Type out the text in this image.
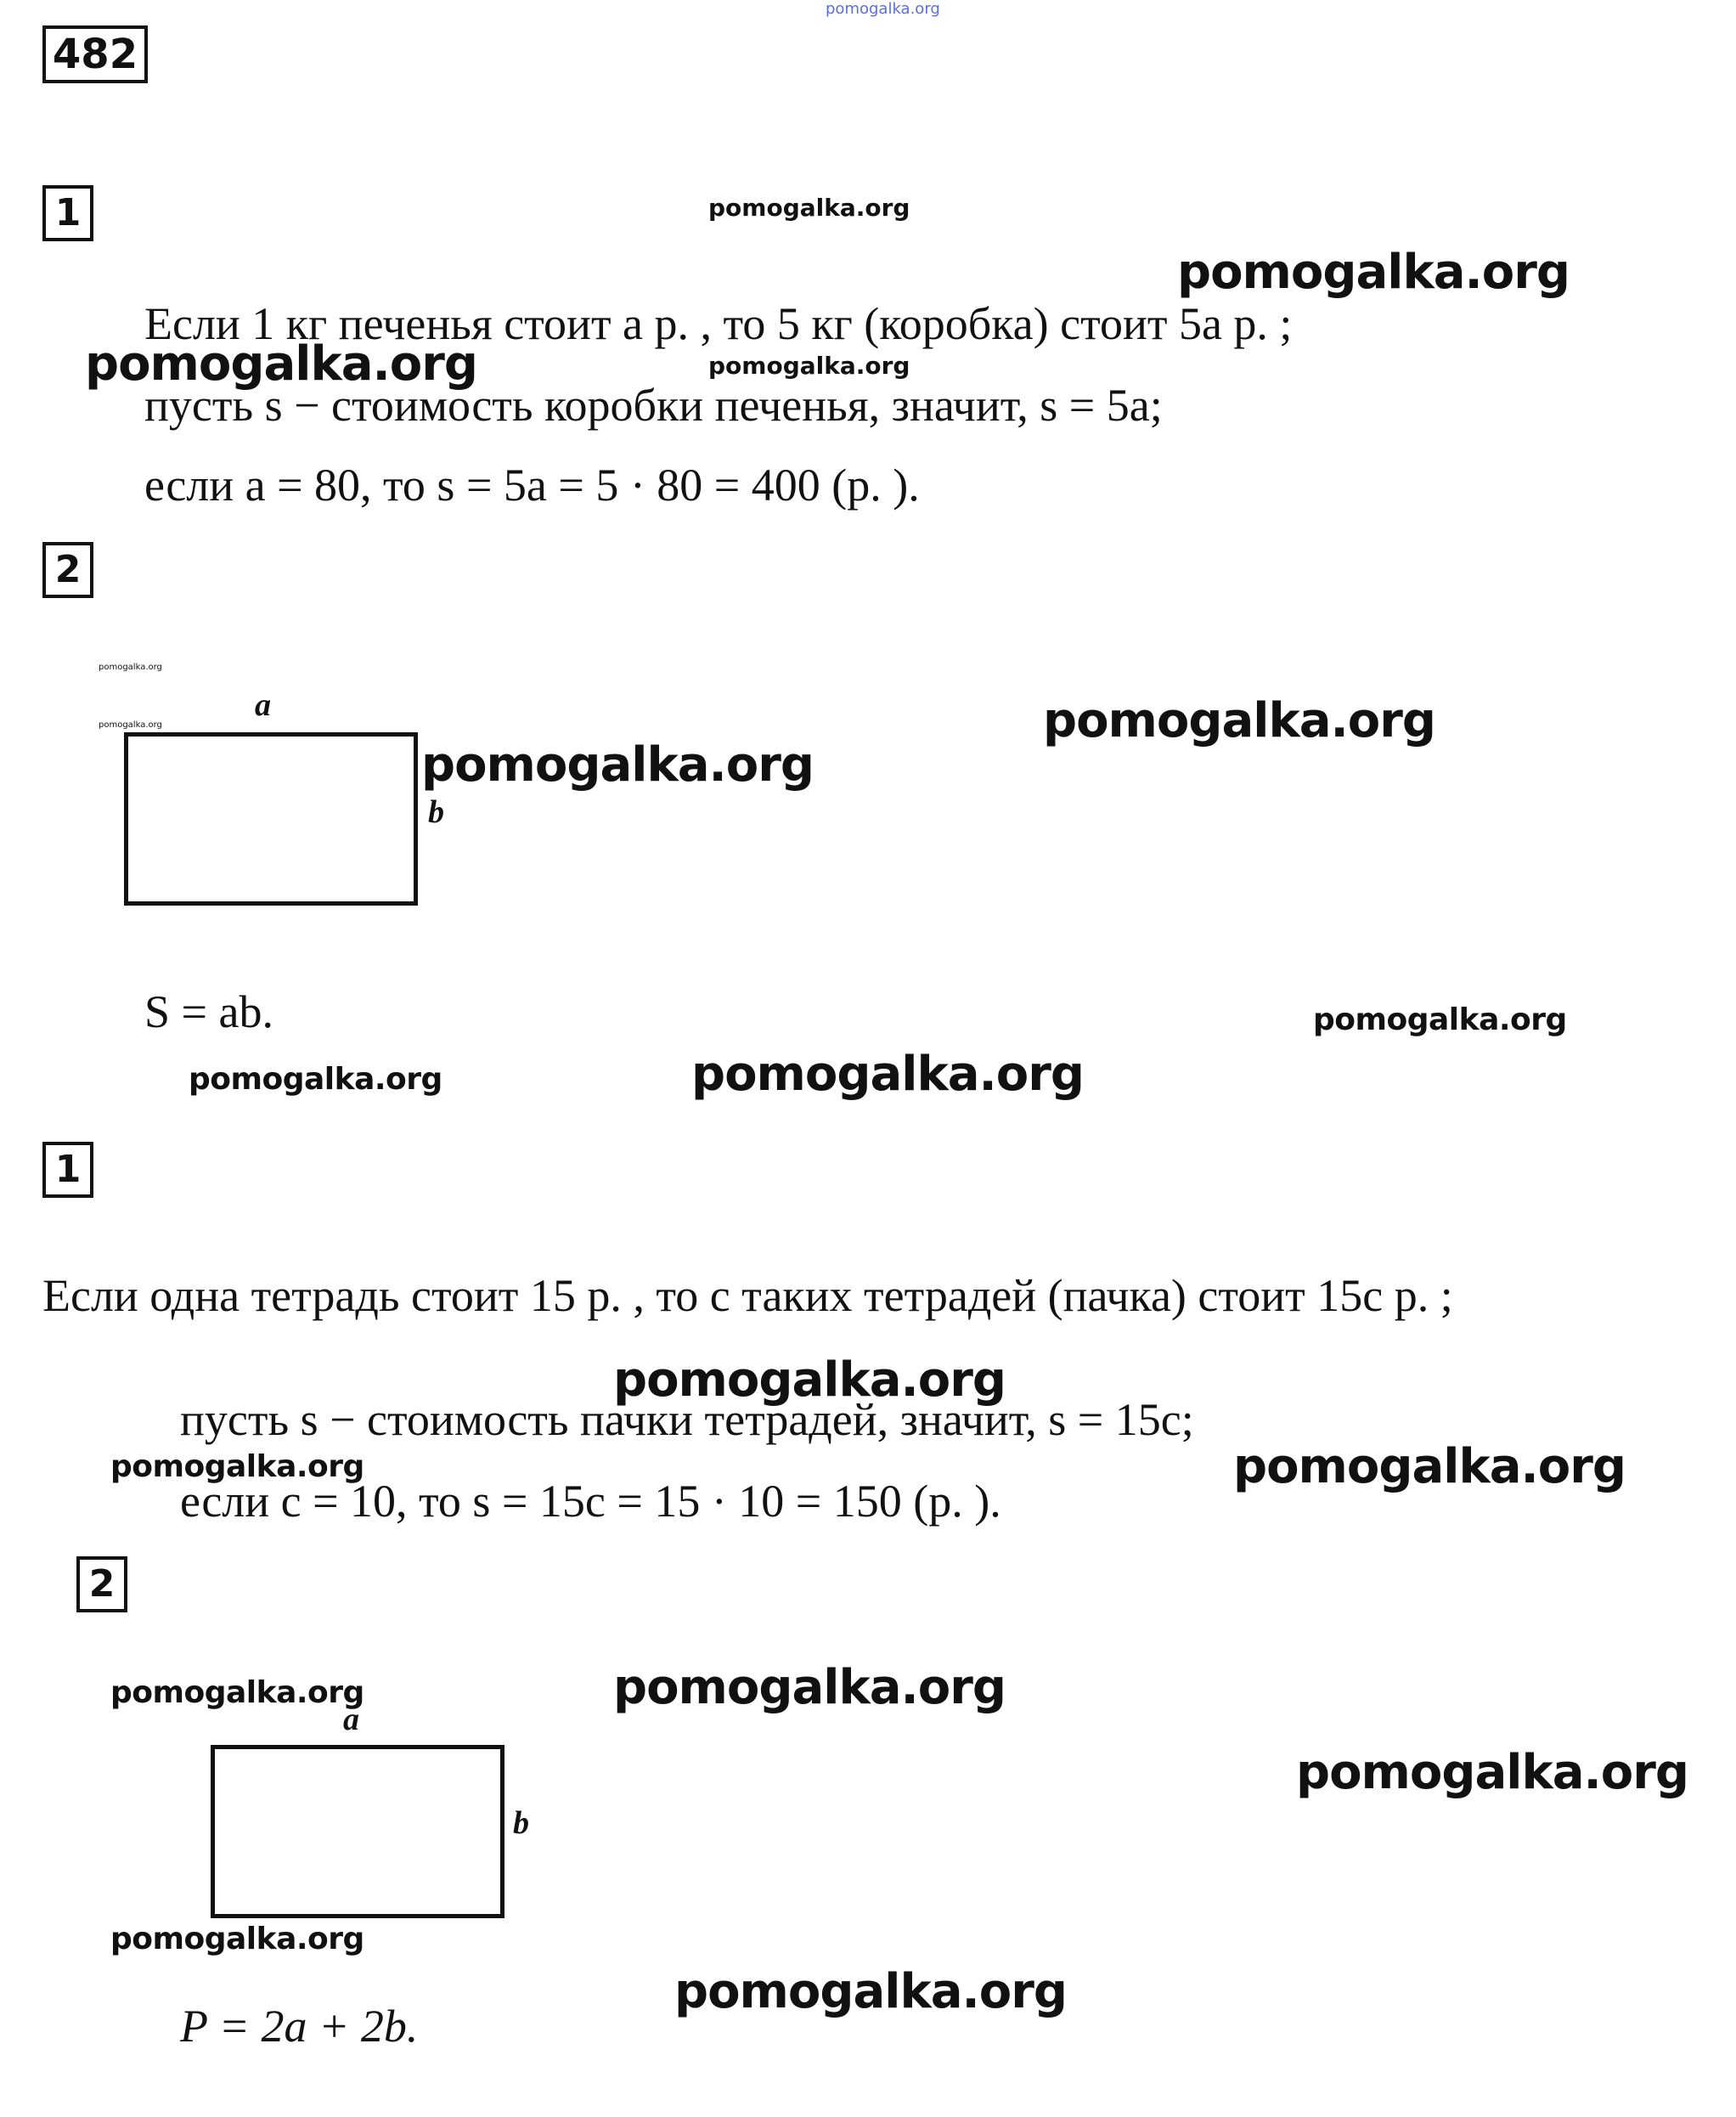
482
pomogalka.org
pomogalka.org
pomogalka.org
pomogalka.org	pomogalka.org
pomogalka.org
pomogalka.org	pomogalka.org
pomogalka.org
pomogalka.org
pomogalka.org	pomogalka.org
pomogalka.org
pomogalka.org	pomogalka.org
pomogalka.org	pomogalka.org
pomogalka.org
pomogalka.org
pomogalka.org
1
Если 1 кг печенья стоит a р. , то 5 кг (коробка) стоит 5a р. ;
пусть s − стоимость коробки печенья, значит, s = 5a;
если a = 80, то s = 5a = 5 · 80 = 400 (р. ).
2
a
b
S = ab.
1
Если одна тетрадь стоит 15 р. , то c таких тетрадей (пачка) стоит 15c р. ;
пусть s − стоимость пачки тетрадей, значит, s = 15c;
если c = 10, то s = 15c = 15 · 10 = 150 (р. ).
2
a
b
P = 2a + 2b.
